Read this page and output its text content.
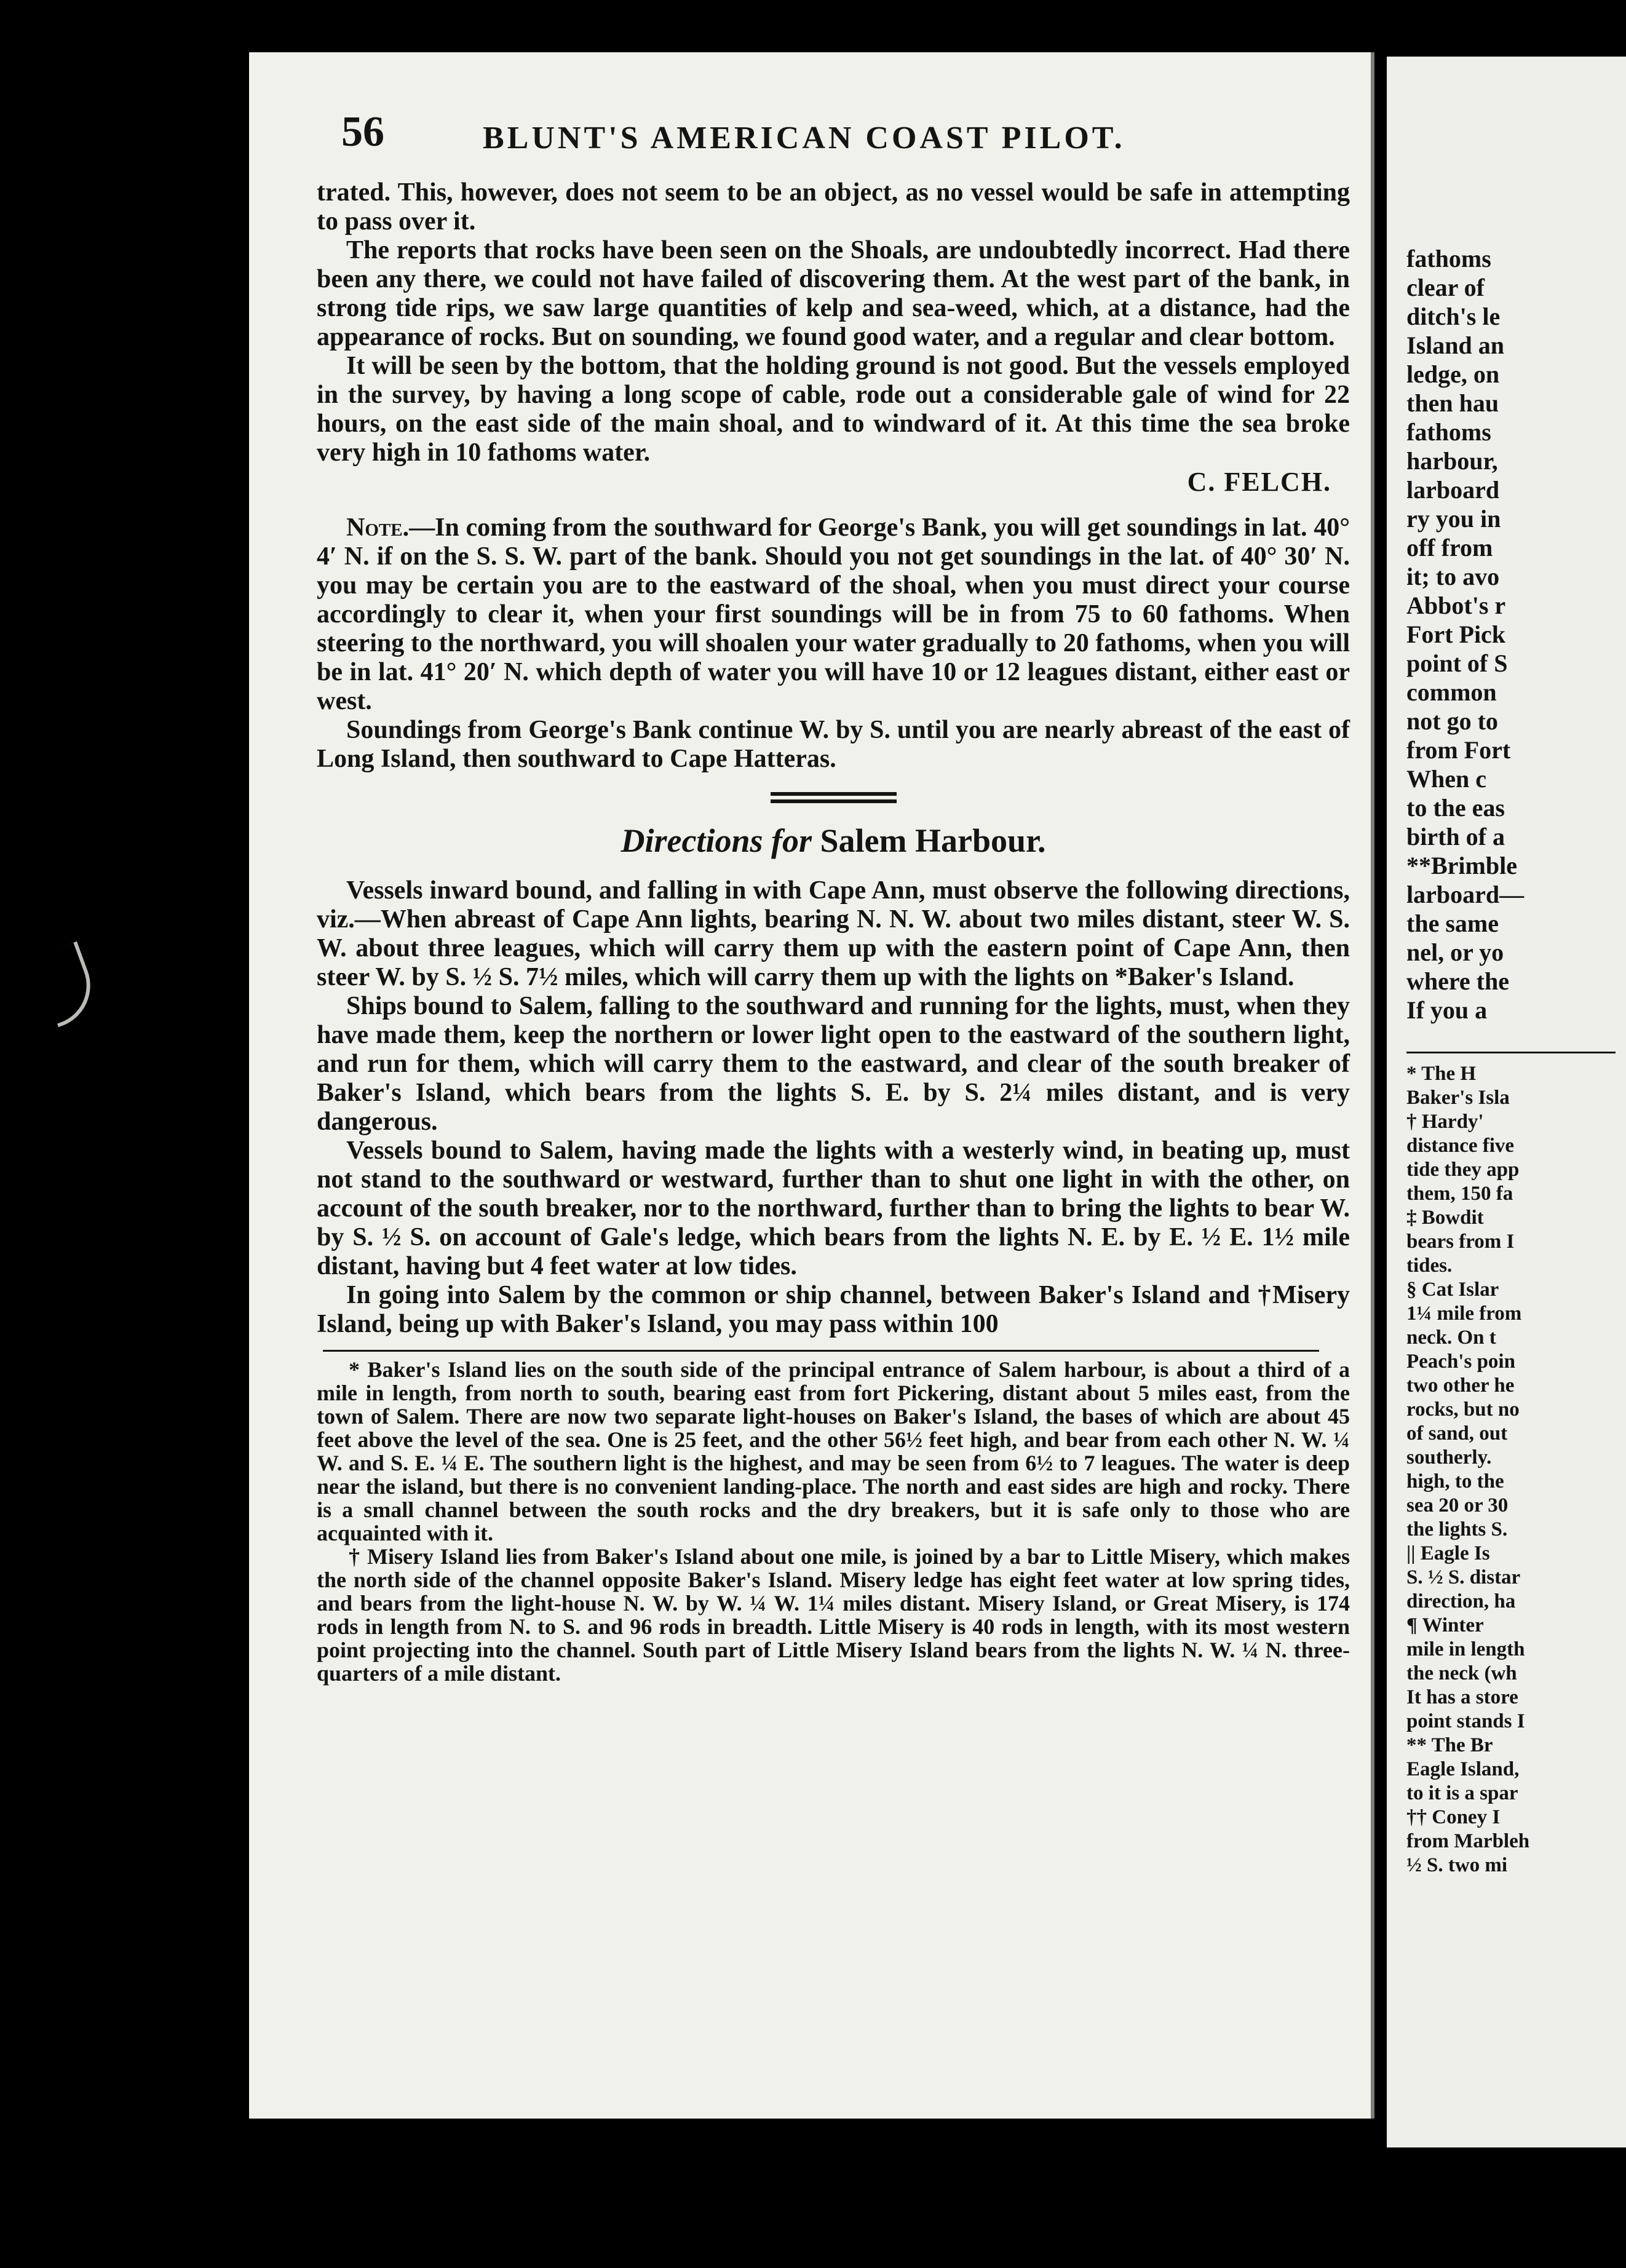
56	BLUNT'S AMERICAN COAST PILOT.

trated. This, however, does not seem to be an object, as no vessel would be safe in attempting to pass over it.

The reports that rocks have been seen on the Shoals, are undoubtedly incorrect. Had there been any there, we could not have failed of discovering them. At the west part of the bank, in strong tide rips, we saw large quantities of kelp and sea-weed, which, at a distance, had the appearance of rocks. But on sounding, we found good water, and a regular and clear bottom.

It will be seen by the bottom, that the holding ground is not good. But the vessels employed in the survey, by having a long scope of cable, rode out a considerable gale of wind for 22 hours, on the east side of the main shoal, and to windward of it. At this time the sea broke very high in 10 fathoms water.

C. FELCH.

Note.—In coming from the southward for George's Bank, you will get soundings in lat. 40° 4′ N. if on the S. S. W. part of the bank. Should you not get soundings in the lat. of 40° 30′ N. you may be certain you are to the eastward of the shoal, when you must direct your course accordingly to clear it, when your first soundings will be in from 75 to 60 fathoms. When steering to the northward, you will shoalen your water gradually to 20 fathoms, when you will be in lat. 41° 20′ N. which depth of water you will have 10 or 12 leagues distant, either east or west.

Soundings from George's Bank continue W. by S. until you are nearly abreast of the east of Long Island, then southward to Cape Hatteras.

Directions for Salem Harbour.

Vessels inward bound, and falling in with Cape Ann, must observe the following directions, viz.—When abreast of Cape Ann lights, bearing N. N. W. about two miles distant, steer W. S. W. about three leagues, which will carry them up with the eastern point of Cape Ann, then steer W. by S. ½ S. 7½ miles, which will carry them up with the lights on *Baker's Island.

Ships bound to Salem, falling to the southward and running for the lights, must, when they have made them, keep the northern or lower light open to the eastward of the southern light, and run for them, which will carry them to the eastward, and clear of the south breaker of Baker's Island, which bears from the lights S. E. by S. 2¼ miles distant, and is very dangerous.

Vessels bound to Salem, having made the lights with a westerly wind, in beating up, must not stand to the southward or westward, further than to shut one light in with the other, on account of the south breaker, nor to the northward, further than to bring the lights to bear W. by S. ½ S. on account of Gale's ledge, which bears from the lights N. E. by E. ½ E. 1½ mile distant, having but 4 feet water at low tides.

In going into Salem by the common or ship channel, between Baker's Island and †Misery Island, being up with Baker's Island, you may pass within 100

* Baker's Island lies on the south side of the principal entrance of Salem harbour, is about a third of a mile in length, from north to south, bearing east from fort Pickering, distant about 5 miles east, from the town of Salem. There are now two separate light-houses on Baker's Island, the bases of which are about 45 feet above the level of the sea. One is 25 feet, and the other 56½ feet high, and bear from each other N. W. ¼ W. and S. E. ¼ E. The southern light is the highest, and may be seen from 6½ to 7 leagues. The water is deep near the island, but there is no convenient landing-place. The north and east sides are high and rocky. There is a small channel between the south rocks and the dry breakers, but it is safe only to those who are acquainted with it.

† Misery Island lies from Baker's Island about one mile, is joined by a bar to Little Misery, which makes the north side of the channel opposite Baker's Island. Misery ledge has eight feet water at low spring tides, and bears from the light-house N. W. by W. ¼ W. 1¼ miles distant. Misery Island, or Great Misery, is 174 rods in length from N. to S. and 96 rods in breadth. Little Misery is 40 rods in length, with its most western point projecting into the channel. South part of Little Misery Island bears from the lights N. W. ¼ N. three-quarters of a mile distant.

fathoms
clear of
ditch's le
Island an
ledge, on
then hau
fathoms
harbour,
larboard
ry you in
off from
it; to avo
Abbot's r
Fort Pick
point of S
common
not go to
from Fort
When c
to the eas
birth of a
**Brimble
larboard—
the same
nel, or yo
where the
If you a
* The H
Baker's Isla
† Hardy'
distance five
tide they app
them, 150 fa
‡ Bowdit
bears from I
tides.
§ Cat Islar
1¼ mile from
neck. On t
Peach's poin
two other he
rocks, but no
of sand, out
southerly.
high, to the
sea 20 or 30
the lights S.
|| Eagle Is
S. ½ S. distar
direction, ha
¶ Winter
mile in length
the neck (wh
It has a store
point stands I
** The Br
Eagle Island,
to it is a spar
†† Coney I
from Marbleh
½ S. two mi
